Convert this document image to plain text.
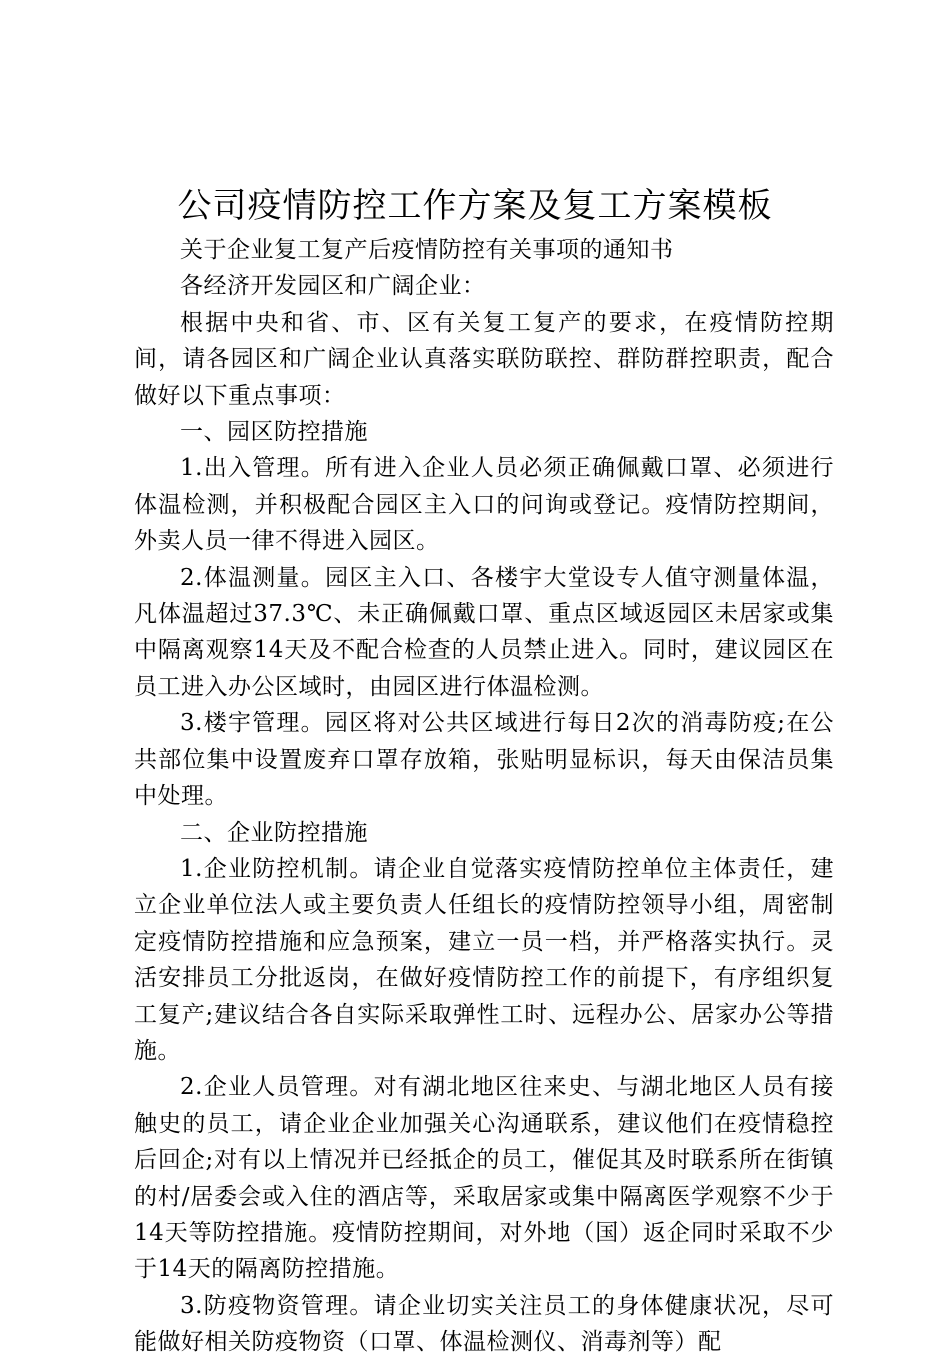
公司疫情防控工作方案及复工方案模板

关于企业复工复产后疫情防控有关事项的通知书

各经济开发园区和广阔企业：

根据中央和省、市、区有关复工复产的要求，在疫情防控期间，请各园区和广阔企业认真落实联防联控、群防群控职责，配合做好以下重点事项：

一、园区防控措施

1.出入管理。所有进入企业人员必须正确佩戴口罩、必须进行体温检测，并积极配合园区主入口的问询或登记。疫情防控期间，外卖人员一律不得进入园区。

2.体温测量。园区主入口、各楼宇大堂设专人值守测量体温，凡体温超过37.3℃、未正确佩戴口罩、重点区域返园区未居家或集中隔离观察14天及不配合检查的人员禁止进入。同时，建议园区在员工进入办公区域时，由园区进行体温检测。

3.楼宇管理。园区将对公共区域进行每日2次的消毒防疫;在公共部位集中设置废弃口罩存放箱，张贴明显标识，每天由保洁员集中处理。

二、企业防控措施

1.企业防控机制。请企业自觉落实疫情防控单位主体责任，建立企业单位法人或主要负责人任组长的疫情防控领导小组，周密制定疫情防控措施和应急预案，建立一员一档，并严格落实执行。灵活安排员工分批返岗，在做好疫情防控工作的前提下，有序组织复工复产;建议结合各自实际采取弹性工时、远程办公、居家办公等措施。

2.企业人员管理。对有湖北地区往来史、与湖北地区人员有接触史的员工，请企业企业加强关心沟通联系，建议他们在疫情稳控后回企;对有以上情况并已经抵企的员工，催促其及时联系所在街镇的村/居委会或入住的酒店等，采取居家或集中隔离医学观察不少于14天等防控措施。疫情防控期间，对外地（国）返企同时采取不少于14天的隔离防控措施。

3.防疫物资管理。请企业切实关注员工的身体健康状况，尽可能做好相关防疫物资（口罩、体温检测仪、消毒剂等）配
